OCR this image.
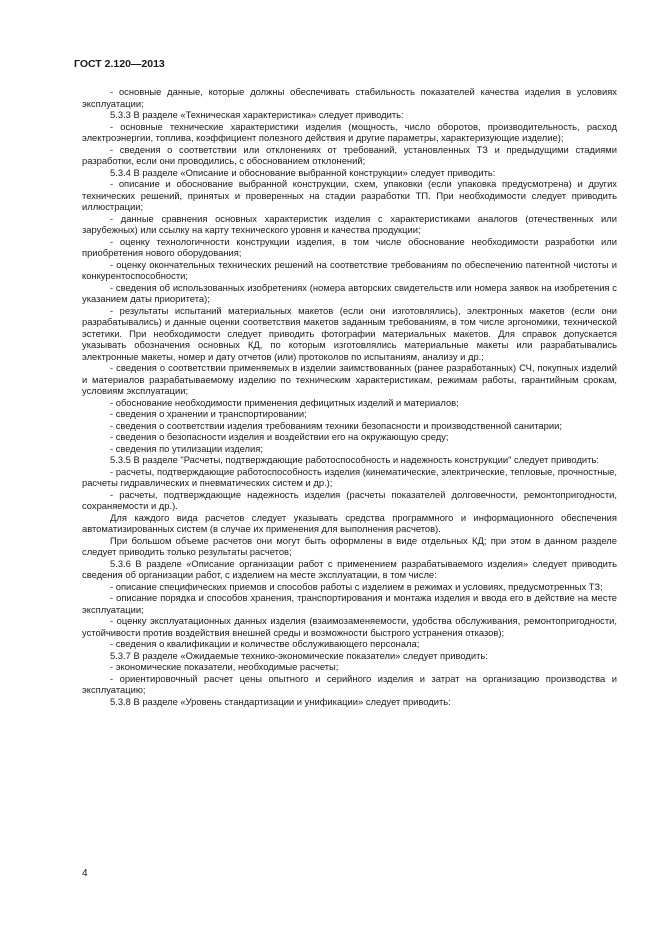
ГОСТ 2.120—2013

- основные данные, которые должны обеспечивать стабильность показателей качества изделия в условиях эксплуатации;

5.3.3 В разделе «Техническая характеристика» следует приводить:

- основные технические характеристики изделия (мощность, число оборотов, производительность, расход электроэнергии, топлива, коэффициент полезного действия и другие параметры, характеризующие изделие);

- сведения о соответствии или отклонениях от требований, установленных ТЗ и предыдущими стадиями разработки, если они проводились, с обоснованием отклонений;

5.3.4 В разделе «Описание и обоснование выбранной конструкции» следует приводить:

- описание и обоснование выбранной конструкции, схем, упаковки (если упаковка предусмотрена) и других технических решений, принятых и проверенных на стадии разработки ТП. При необходимости следует приводить иллюстрации;

- данные сравнения основных характеристик изделия с характеристиками аналогов (отечественных или зарубежных) или ссылку на карту технического уровня и качества продукции;

- оценку технологичности конструкции изделия, в том числе обоснование необходимости разработки или приобретения нового оборудования;

- оценку окончательных технических решений на соответствие требованиям по обеспечению патентной чистоты и конкурентоспособности;

- сведения об использованных изобретениях (номера авторских свидетельств или номера заявок на изобретения с указанием даты приоритета);

- результаты испытаний материальных макетов (если они изготовлялись), электронных макетов (если они разрабатывались) и данные оценки соответствия макетов заданным требованиям, в том числе эргономики, технической эстетики. При необходимости следует приводить фотографии материальных макетов. Для справок допускается указывать обозначения основных КД, по которым изготовлялись материальные макеты или разрабатывались электронные макеты, номер и дату отчетов (или) протоколов по испытаниям, анализу и др.;

- сведения о соответствии применяемых в изделии заимствованных (ранее разработанных) СЧ, покупных изделий и материалов разрабатываемому изделию по техническим характеристикам, режимам работы, гарантийным срокам, условиям эксплуатации;

- обоснование необходимости применения дефицитных изделий и материалов;

- сведения о хранении и транспортировании;

- сведения о соответствии изделия требованиям техники безопасности и производственной санитарии;

- сведения о безопасности изделия и воздействии его на окружающую среду;

- сведения по утилизации изделия;

5.3.5 В разделе "Расчеты, подтверждающие работоспособность и надежность конструкции" следует приводить:

- расчеты, подтверждающие работоспособность изделия (кинематические, электрические, тепловые, прочностные, расчеты гидравлических и пневматических систем и др.);

- расчеты, подтверждающие надежность изделия (расчеты показателей долговечности, ремонтопригодности, сохраняемости и др.).

Для каждого вида расчетов следует указывать средства программного и информационного обеспечения автоматизированных систем (в случае их применения для выполнения расчетов).

При большом объеме расчетов они могут быть оформлены в виде отдельных КД; при этом в данном разделе следует приводить только результаты расчетов;

5.3.6 В разделе «Описание организации работ с применением разрабатываемого изделия» следует приводить сведения об организации работ, с изделием на месте эксплуатации, в том числе:

- описание специфических приемов и способов работы с изделием в режимах и условиях, предусмотренных ТЗ;

- описание порядка и способов хранения, транспортирования и монтажа изделия и ввода его в действие на месте эксплуатации;

- оценку эксплуатационных данных изделия (взаимозаменяемости, удобства обслуживания, ремонтопригодности, устойчивости против воздействия внешней среды и возможности быстрого устранения отказов);

- сведения о квалификации и количестве обслуживающего персонала;

5.3.7 В разделе «Ожидаемые технико-экономические показатели» следует приводить:

- экономические показатели, необходимые расчеты;

- ориентировочный расчет цены опытного и серийного изделия и затрат на организацию производства и эксплуатацию;

5.3.8 В разделе «Уровень стандартизации и унификации» следует приводить:

4
